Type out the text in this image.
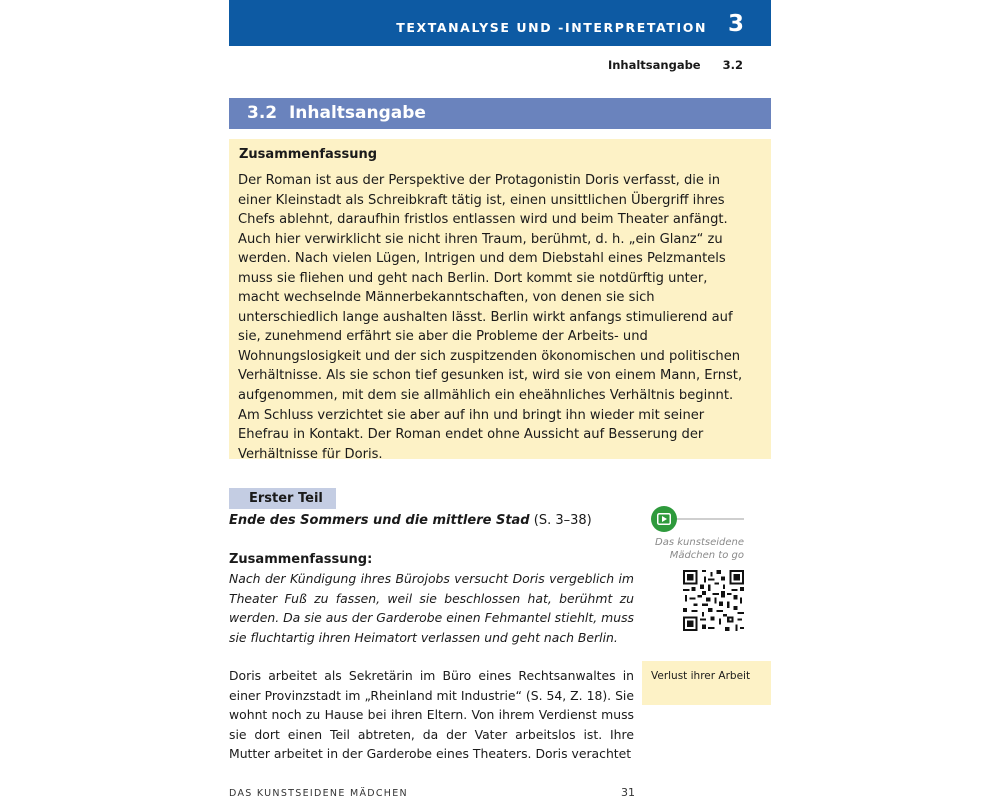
TEXTANALYSE UND -INTERPRETATION 3
Inhaltsangabe 3.2
3.2 Inhaltsangabe
Zusammenfassung

Der Roman ist aus der Perspektive der Protagonistin Doris verfasst, die in einer Kleinstadt als Schreibkraft tätig ist, einen unsittlichen Übergriff ihres Chefs ablehnt, daraufhin fristlos entlassen wird und beim Theater anfängt. Auch hier verwirklicht sie nicht ihren Traum, berühmt, d. h. „ein Glanz“ zu werden. Nach vielen Lügen, Intrigen und dem Diebstahl eines Pelzmantels muss sie fliehen und geht nach Berlin. Dort kommt sie notdürftig unter, macht wechselnde Männerbekanntschaften, von denen sie sich unterschiedlich lange aushalten lässt. Berlin wirkt anfangs stimulierend auf sie, zunehmend erfährt sie aber die Probleme der Arbeits- und Wohnungslosigkeit und der sich zuspitzenden ökonomischen und politischen Verhältnisse. Als sie schon tief gesunken ist, wird sie von einem Mann, Ernst, aufgenommen, mit dem sie allmählich ein eheähnliches Verhältnis beginnt. Am Schluss verzichtet sie aber auf ihn und bringt ihn wieder mit seiner Ehefrau in Kontakt. Der Roman endet ohne Aussicht auf Besserung der Verhältnisse für Doris.

Erster Teil
Ende des Sommers und die mittlere Stad (S. 3–38)
Zusammenfassung:

Nach der Kündigung ihres Bürojobs versucht Doris vergeblich im Theater Fuß zu fassen, weil sie beschlossen hat, berühmt zu werden. Da sie aus der Garderobe einen Fehmantel stiehlt, muss sie fluchtartig ihren Heimatort verlassen und geht nach Berlin.

Doris arbeitet als Sekretärin im Büro eines Rechtsanwaltes in einer Provinzstadt im „Rheinland mit Industrie“ (S. 54, Z. 18). Sie wohnt noch zu Hause bei ihren Eltern. Von ihrem Verdienst muss sie dort einen Teil abtreten, da der Vater arbeitslos ist. Ihre Mutter arbeitet in der Garderobe eines Theaters. Doris verachtet

Das kunstseidene Mädchen to go

Verlust ihrer Arbeit
DAS KUNSTSEIDENE MÄDCHEN	31
